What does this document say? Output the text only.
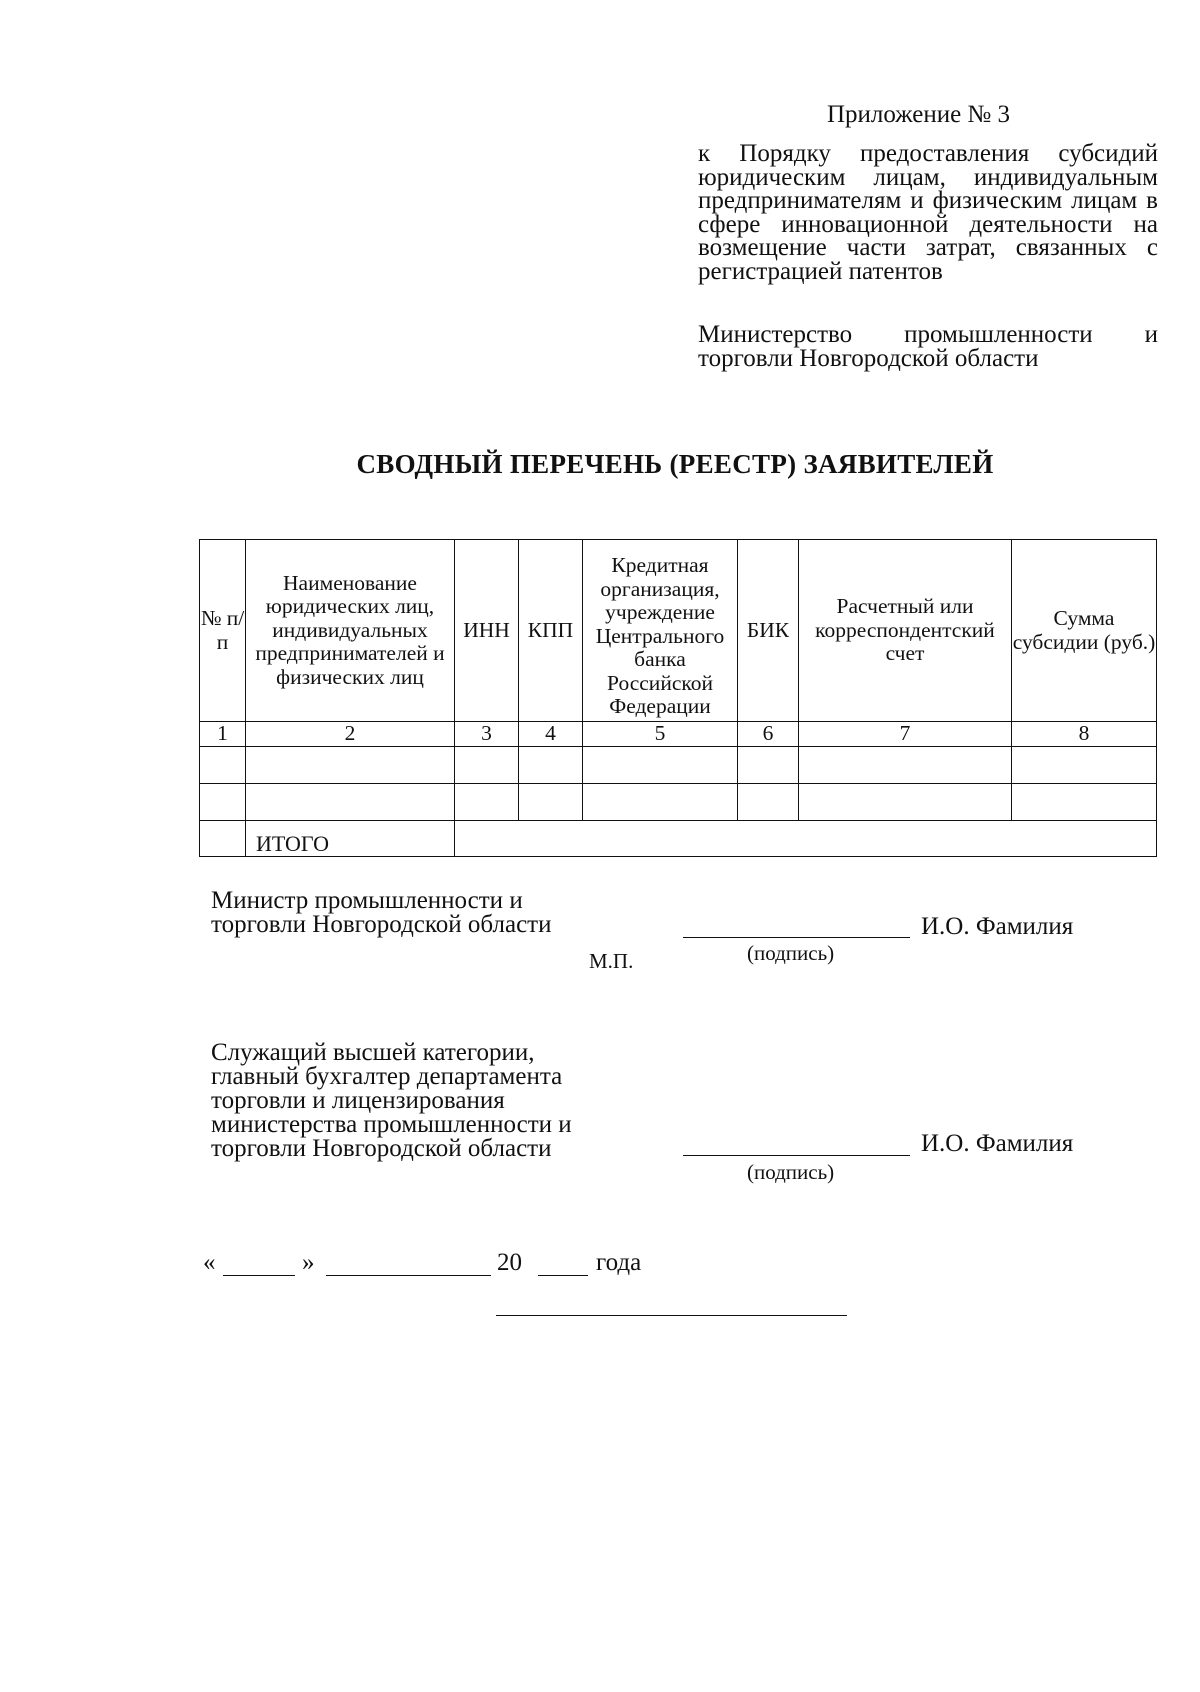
Приложение № 3
к Порядку предоставления субсидий юридическим лицам, индивидуальным предпринимателям и физическим лицам в сфере инновационной деятельности на возмещение части затрат, связанных с регистрацией патентов
Министерство промышленности и торговли Новгородской области
СВОДНЫЙ ПЕРЕЧЕНЬ (РЕЕСТР) ЗАЯВИТЕЛЕЙ
№ п/п	Наименование юридических лиц, индивидуальных предпринимателей и физических лиц	ИНН	КПП	Кредитная организация, учреждение Центрального банка Российской Федерации	БИК	Расчетный или корреспондентский счет	Сумма субсидии (руб.)
1	2	3	4	5	6	7	8

	ИТОГО						
Министр промышленности и торговли Новгородской области	И.О. Фамилия
М.П.	(подпись)
Служащий высшей категории, главный бухгалтер департамента торговли и лицензирования министерства промышленности и торговли Новгородской области	И.О. Фамилия
(подпись)
«	»	20	года
